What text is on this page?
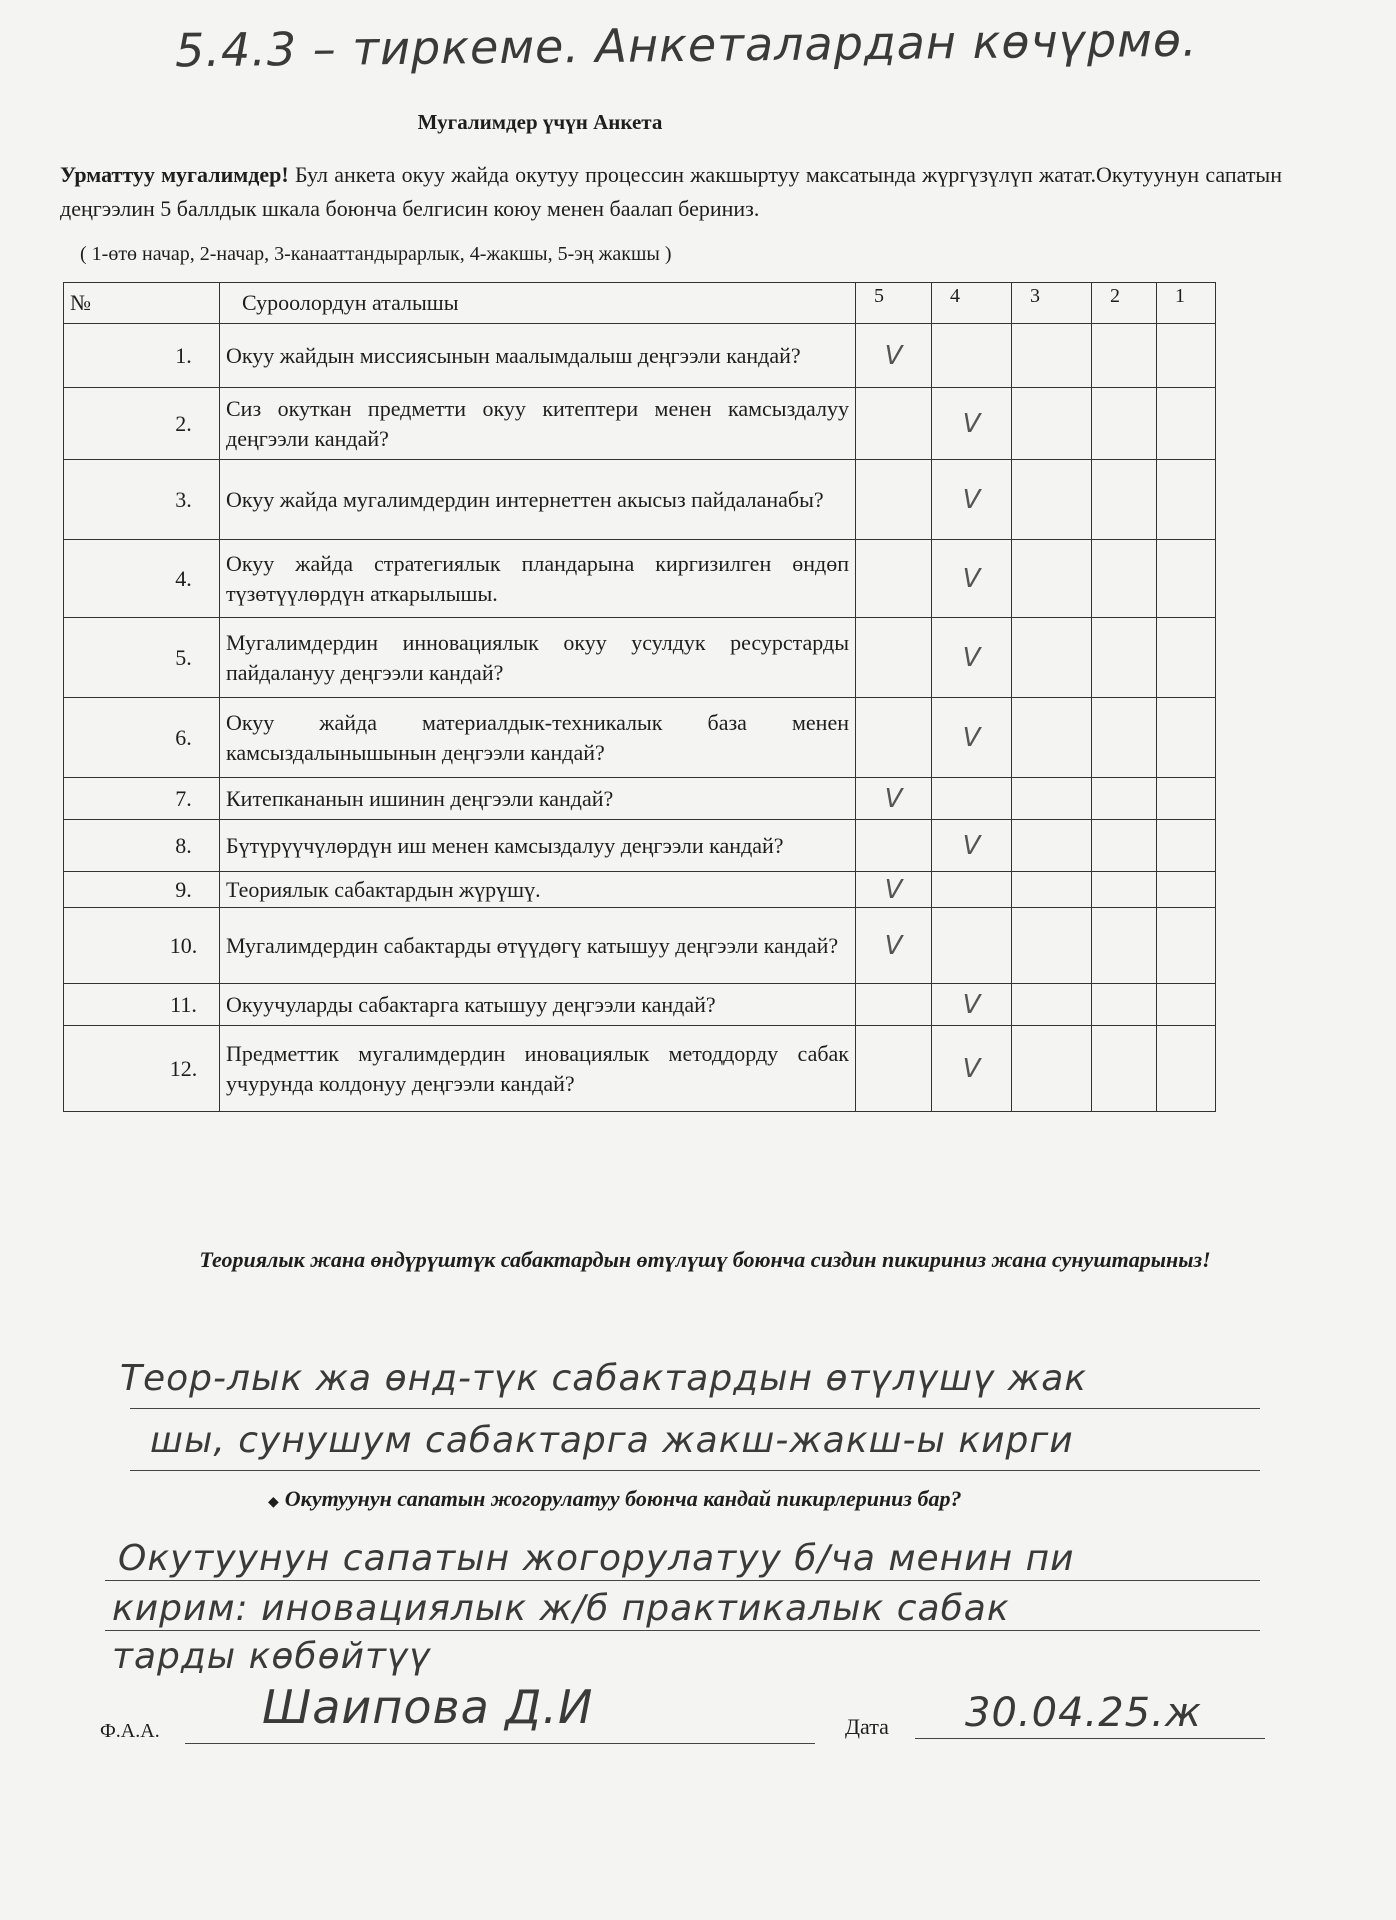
5.4.3 – тиркеме. Анкеталардан көчүрмө.
Мугалимдер үчүн Анкета
Урматтуу мугалимдер! Бул анкета окуу жайда окутуу процессин жакшыртуу максатында жүргүзүлүп жатат.Окутуунун сапатын деңгээлин 5 баллдык шкала боюнча белгисин коюу менен баалап бериниз.
( 1-өтө начар, 2-начар, 3-канааттандырарлык, 4-жакшы, 5-эң жакшы )
№	Суроолордун аталышы	5	4	3	2	1
1.	Окуу жайдын миссиясынын маалымдалыш деңгээли кандай?	V				
2.	Сиз окуткан предметти окуу китептери менен камсыздалуу деңгээли кандай?		V			
3.	Окуу жайда мугалимдердин интернеттен акысыз пайдаланабы?		V			
4.	Окуу жайда стратегиялык пландарына киргизилген өндөп түзөтүүлөрдүн аткарылышы.		V			
5.	Мугалимдердин инновациялык окуу усулдук ресурстарды пайдалануу деңгээли кандай?		V			
6.	Окуу жайда материалдык-техникалык база менен камсыздалынышынын деңгээли кандай?		V			
7.	Китепкананын ишинин деңгээли кандай?	V				
8.	Бүтүрүүчүлөрдүн иш менен камсыздалуу деңгээли кандай?		V			
9.	Теориялык сабактардын жүрүшү.	V				
10.	Мугалимдердин сабактарды өтүүдөгү катышуу деңгээли кандай?	V				
11.	Окуучуларды сабактарга катышуу деңгээли кандай?		V			
12.	Предметтик мугалимдердин иновациялык методдорду сабак учурунда колдонуу деңгээли кандай?		V			
Теориялык жана өндүрүштүк сабактардын өтүлүшү боюнча сиздин пикириниз жана сунуштарыныз!
Теор-лык жа өнд-түк сабактардын өтүлүшү жак
шы, сунушум сабактарга жакш-жакш-ы кирги
◆ Окутуунун сапатын жогорулатуу боюнча кандай пикирлериниз бар?
Окутуунун сапатын жогорулатуу б/ча менин пи
кирим: иновациялык ж/б практикалык сабак
тарды көбөйтүү
Ф.А.А. Шаипова Д.И	Дата 30.04.25.ж
